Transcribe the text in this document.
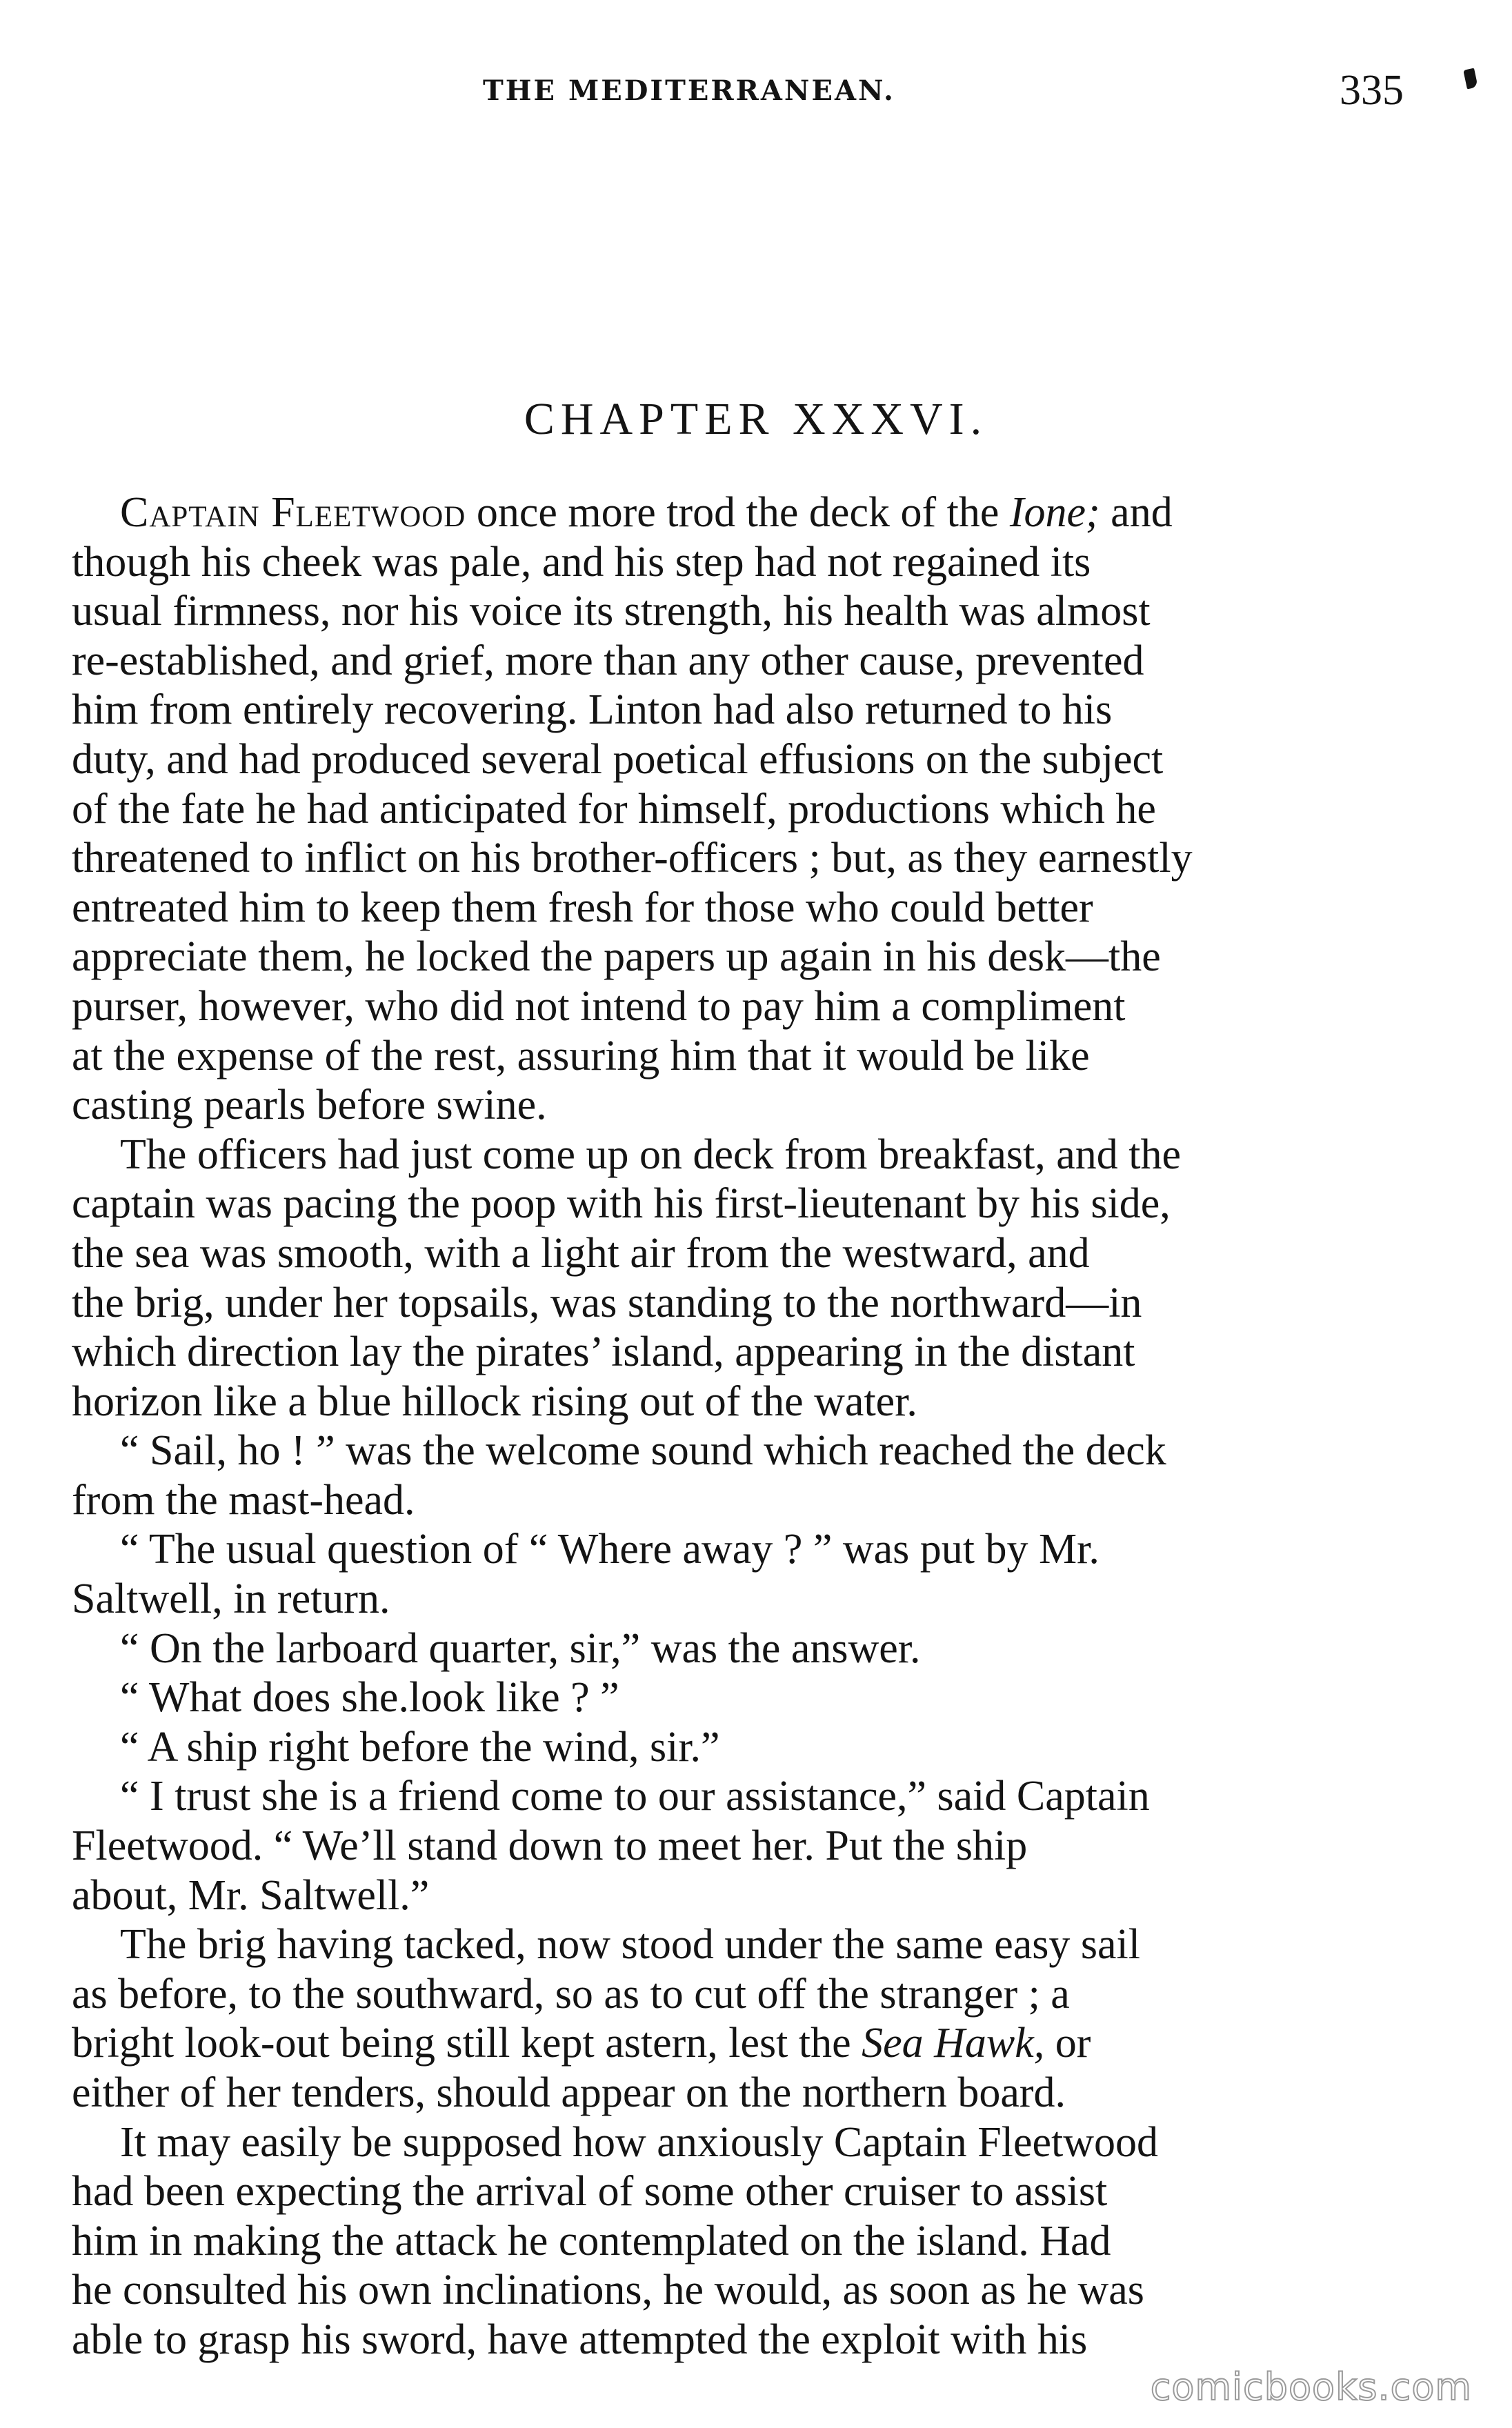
THE MEDITERRANEAN.	335
CHAPTER XXXVI.

Captain Fleetwood once more trod the deck of the Ione; and
though his cheek was pale, and his step had not regained its
usual firmness, nor his voice its strength, his health was almost
re-established, and grief, more than any other cause, prevented
him from entirely recovering. Linton had also returned to his
duty, and had produced several poetical effusions on the subject
of the fate he had anticipated for himself, productions which he
threatened to inflict on his brother-officers ; but, as they earnestly
entreated him to keep them fresh for those who could better
appreciate them, he locked the papers up again in his desk—the
purser, however, who did not intend to pay him a compliment
at the expense of the rest, assuring him that it would be like
casting pearls before swine.

The officers had just come up on deck from breakfast, and the
captain was pacing the poop with his first-lieutenant by his side,
the sea was smooth, with a light air from the westward, and
the brig, under her topsails, was standing to the northward—in
which direction lay the pirates’ island, appearing in the distant
horizon like a blue hillock rising out of the water.

“ Sail, ho ! ” was the welcome sound which reached the deck
from the mast-head.

“ The usual question of “ Where away ? ” was put by Mr.
Saltwell, in return.

“ On the larboard quarter, sir,” was the answer.

“ What does she.look like ? ”

“ A ship right before the wind, sir.”

“ I trust she is a friend come to our assistance,” said Captain
Fleetwood. “ We’ll stand down to meet her. Put the ship
about, Mr. Saltwell.”

The brig having tacked, now stood under the same easy sail
as before, to the southward, so as to cut off the stranger ; a
bright look-out being still kept astern, lest the Sea Hawk, or
either of her tenders, should appear on the northern board.

It may easily be supposed how anxiously Captain Fleetwood
had been expecting the arrival of some other cruiser to assist
him in making the attack he contemplated on the island. Had
he consulted his own inclinations, he would, as soon as he was
able to grasp his sword, have attempted the exploit with his

comicbooks.com
